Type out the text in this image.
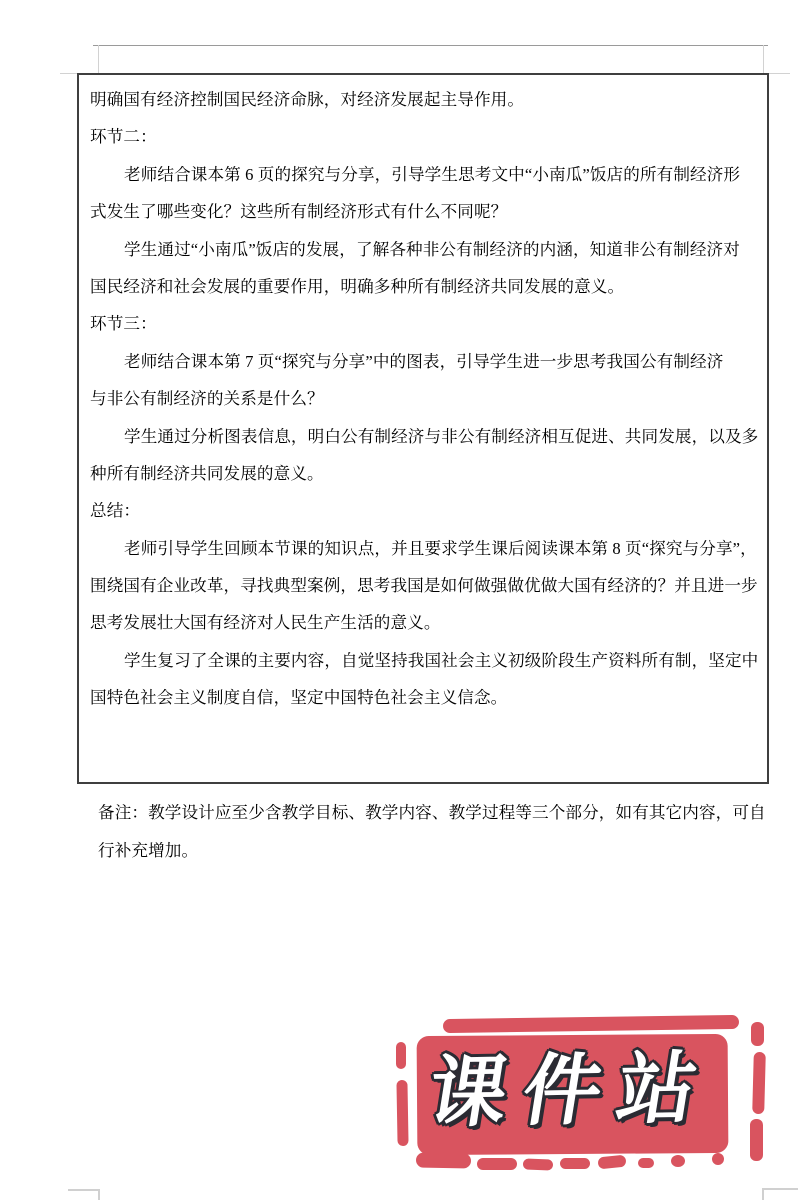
明确国有经济控制国民经济命脉，对经济发展起主导作用。
环节二：
老师结合课本第 6 页的探究与分享，引导学生思考文中“小南瓜”饭店的所有制经济形
式发生了哪些变化？这些所有制经济形式有什么不同呢？
学生通过“小南瓜”饭店的发展，了解各种非公有制经济的内涵，知道非公有制经济对
国民经济和社会发展的重要作用，明确多种所有制经济共同发展的意义。
环节三：
老师结合课本第 7 页“探究与分享”中的图表，引导学生进一步思考我国公有制经济
与非公有制经济的关系是什么？
学生通过分析图表信息，明白公有制经济与非公有制经济相互促进、共同发展，以及多
种所有制经济共同发展的意义。
总结：
老师引导学生回顾本节课的知识点，并且要求学生课后阅读课本第 8 页“探究与分享”，
围绕国有企业改革，寻找典型案例，思考我国是如何做强做优做大国有经济的？并且进一步
思考发展壮大国有经济对人民生产生活的意义。
学生复习了全课的主要内容，自觉坚持我国社会主义初级阶段生产资料所有制，坚定中
国特色社会主义制度自信，坚定中国特色社会主义信念。
备注：教学设计应至少含教学目标、教学内容、教学过程等三个部分，如有其它内容，可自
行补充增加。
课件站
